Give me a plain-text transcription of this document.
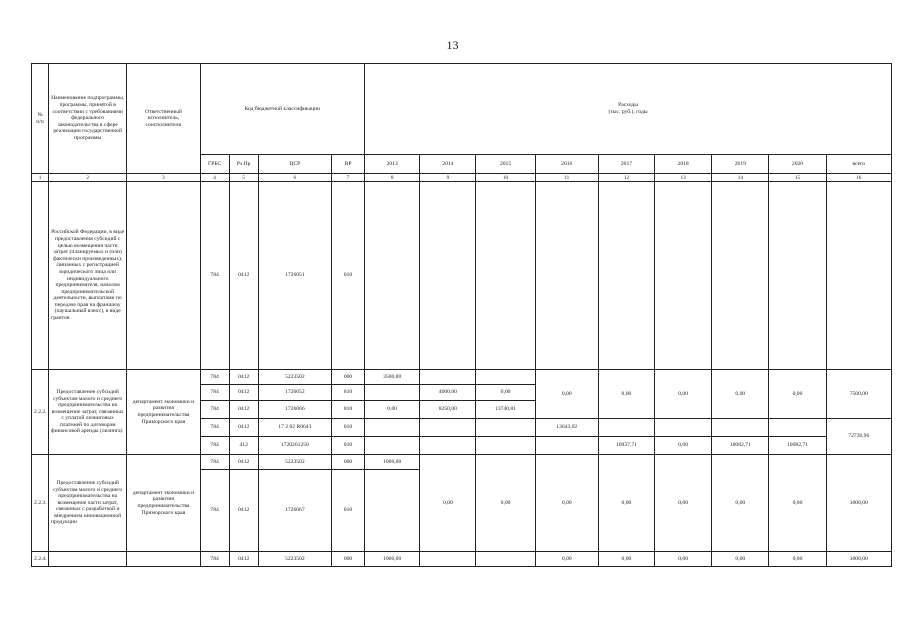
13
№
п/п	Наименование подпрограммы, программы, принятой в соответствии с требованиями федерального законодательства в сфере реализации государственной программы	Ответственный исполнитель, соисполнители	Код бюджетной классификации				Расходы
(тыс. руб.), годы								
			ГРБС	Рз Пр	ЦСР	ВР	2013	2014	2015	2016	2017	2018	2019	2020	всего
1	2	3	4	5	6	7	8	9	10	11	12	13	14	15	16
	Российской Федерации, в виде предоставления субсидий с целью возмещения части затрат (планируемых и (или) фактически произведенных), связанных с регистрацией юридического лица или индивидуального предпринимателя, началом предпринимательской деятельности, выплатами по передаче прав на франшизу (паушальный взнос), в виде грантов		784	0412	1726051	810									
2.2.2.	Предоставление субсидий субъектам малого и среднего предпринимательства на возмещение затрат, связанных с уплатой лизинговых платежей по договорам финансовой аренды (лизинга)	департамент экономики и развития предпринимательства Приморского края	784	0412	5223502	000	3500,00			0,00	0,00	0,00	0,00	0,00	7500,00
			784	0412	1726052	810		4000,00	0,00						
			784	0412	1726066	810	0,00	8250,00	13740,81						
			784	0412	17 2 02 R0643	810				13643,02					72736,96
			784	412	1720261250	810					16937,71	0,00	10082,71	10082,71	
2.2.3.	Предоставление субсидий субъектам малого и среднего предпринимательства на возмещение части затрат, связанных с разработкой и внедрением инновационной продукции	департамент экономики и развития предпринимательства Приморского края	784	0412	5223502	000	1000,00	0,00	0,00	0,00	0,00	0,00	0,00	0,00	1000,00
			784	0412	1726067	810									
2.2.4.			784	0412	5223502	000	1000,00			0,00	0,00	0,00	0,00	0,00	1000,00
